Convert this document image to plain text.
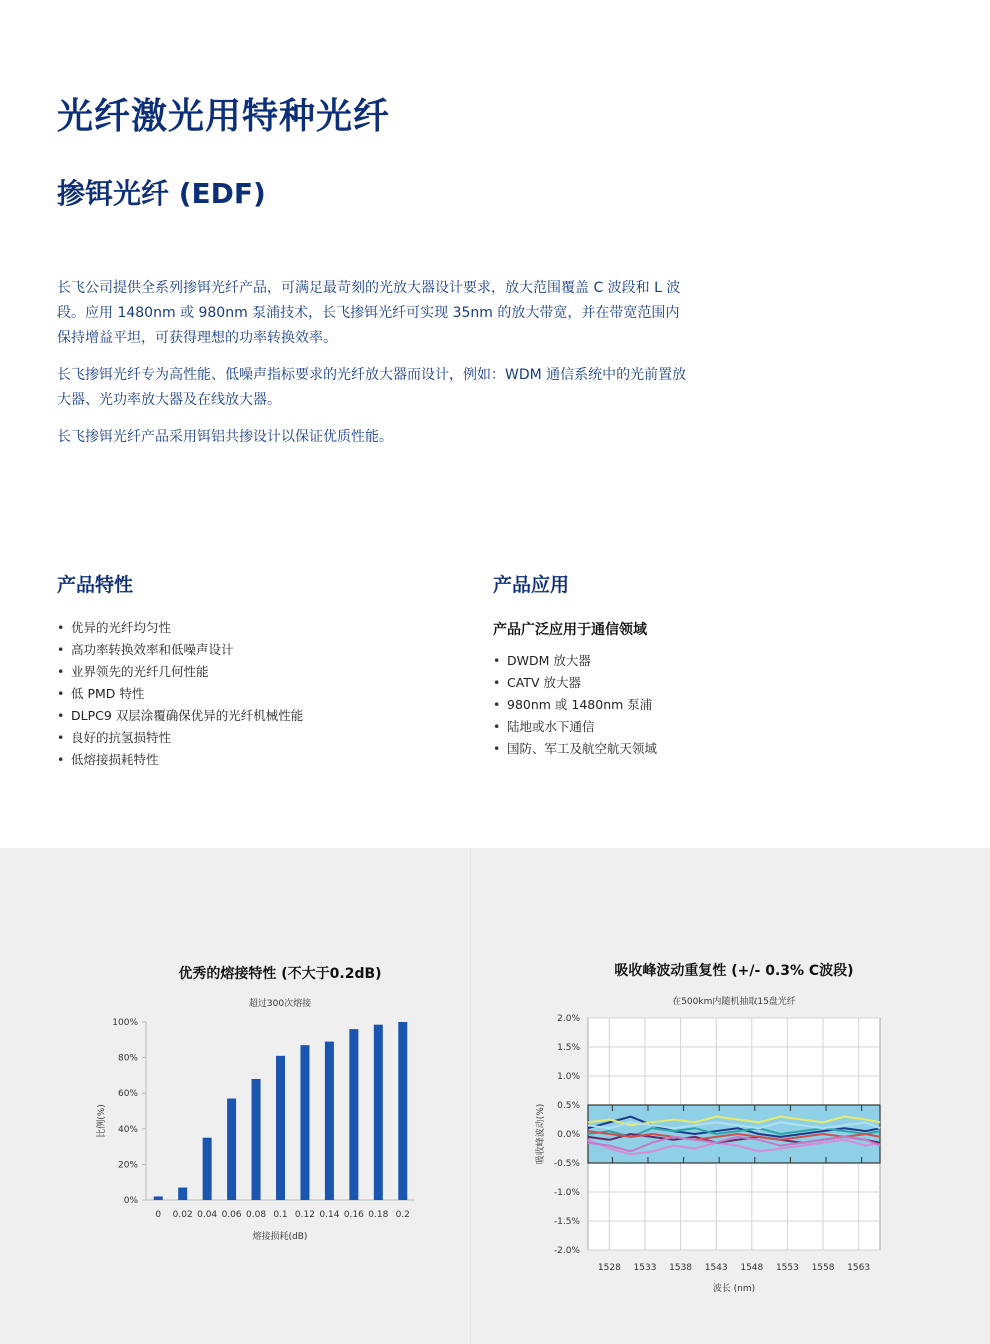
光纤激光用特种光纤
掺铒光纤 (EDF)

长飞公司提供全系列掺铒光纤产品，可满足最苛刻的光放大器设计要求，放大范围覆盖 C 波段和 L 波段。应用 1480nm 或 980nm 泵浦技术，长飞掺铒光纤可实现 35nm 的放大带宽，并在带宽范围内保持增益平坦，可获得理想的功率转换效率。

长飞掺铒光纤专为高性能、低噪声指标要求的光纤放大器而设计，例如：WDM 通信系统中的光前置放大器、光功率放大器及在线放大器。

长飞掺铒光纤产品采用铒铝共掺设计以保证优质性能。

产品特性
• 优异的光纤均匀性
• 高功率转换效率和低噪声设计
• 业界领先的光纤几何性能
• 低 PMD 特性
• DLPC9 双层涂覆确保优异的光纤机械性能
• 良好的抗氢损特性
• 低熔接损耗特性
产品应用
产品广泛应用于通信领域
• DWDM 放大器
• CATV 放大器
• 980nm 或 1480nm 泵浦
• 陆地或水下通信
• 国防、军工及航空航天领域
优秀的熔接特性 (不大于0.2dB)
超过300次熔接
0%
20%
40%
60%
80%
100%
0 0.02 0.04 0.06 0.08 0.1 0.12 0.14 0.16 0.18 0.2
熔接损耗(dB)
比例(%)
吸收峰波动重复性 (+/- 0.3% C波段)
在500km内随机抽取15盘光纤
2.0%
1.5%
1.0%
0.5%
0.0%
-0.5%
-1.0%
-1.5%
-2.0%
1528 1533 1538 1543 1548 1553 1558 1563
波长 (nm)
吸收峰波动(%)
